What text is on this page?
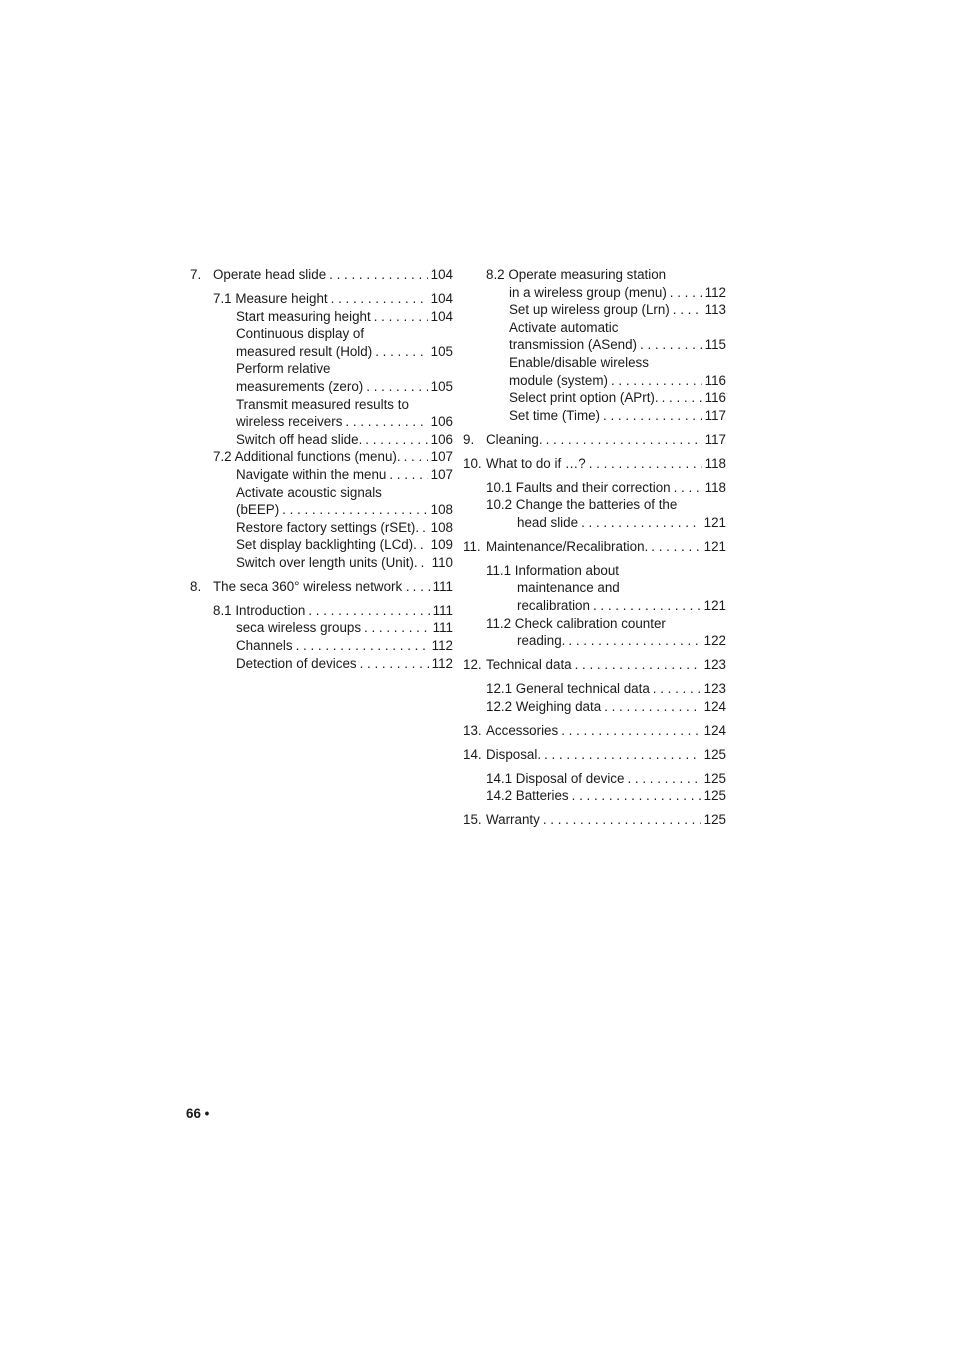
7. Operate head slide . . .	104
7.1 Measure height . . .	104
Start measuring height . . .	104
Continuous display of
measured result (Hold) . . .	105
Perform relative
measurements (zero) . . .	105
Transmit measured results to
wireless receivers . . .	106
Switch off head slide. . . .	106
7.2 Additional functions (menu). . . . 107
Navigate within the menu . . .	107
Activate acoustic signals
(bEEP) . . .	108
Restore factory settings (rSEt). . . . 108
Set display backlighting (LCd). . . . 109
Switch over length units (Unit). . . . 110
8. The seca 360° wireless network . . . . 111
8.1 Introduction . . .	111
seca wireless groups . . .	111
Channels . . .	112
Detection of devices . . .	112
8.2 Operate measuring station
in a wireless group (menu) . . .	112
Set up wireless group (Lrn) . . .	113
Activate automatic
transmission (ASend) . . .	115
Enable/disable wireless
module (system) . . .	116
Select print option (APrt). . . .	116
Set time (Time) . . .	117
9. Cleaning. . . .	117
10. What to do if …? . . .	118
10.1 Faults and their correction . . .	118
10.2 Change the batteries of the
head slide . . .	121
11. Maintenance/Recalibration. . . .	121
11.1 Information about
maintenance and
recalibration . . .	121
11.2 Check calibration counter
reading. . . .	122
12. Technical data . . .	123
12.1 General technical data . . .	123
12.2 Weighing data . . .	124
13. Accessories . . .	124
14. Disposal. . . .	125
14.1 Disposal of device . . .	125
14.2 Batteries . . .	125
15. Warranty . . .	125
66 •
